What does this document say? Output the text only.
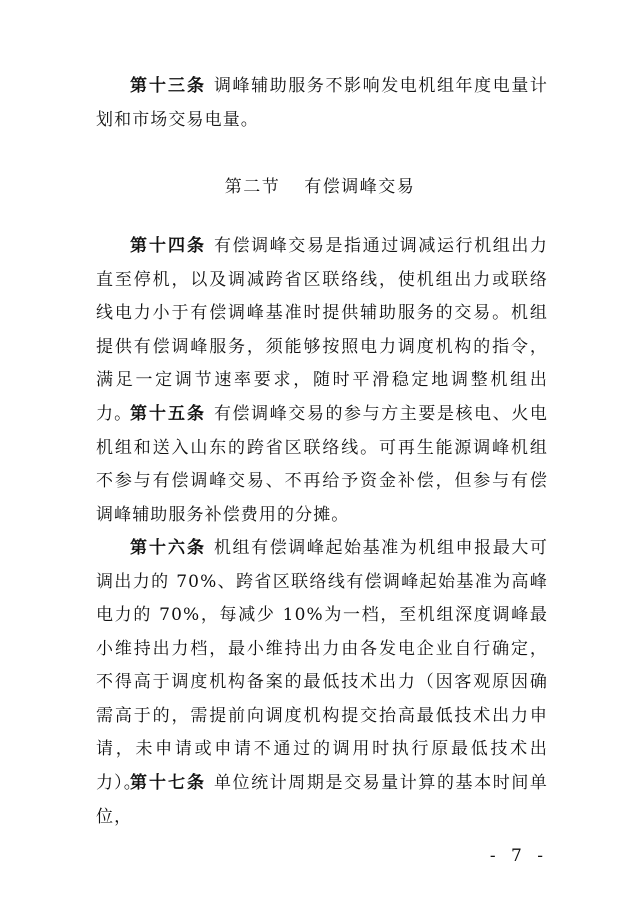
第十三条 调峰辅助服务不影响发电机组年度电量计划和市场交易电量。

第二节 有偿调峰交易

第十四条 有偿调峰交易是指通过调减运行机组出力直至停机，以及调减跨省区联络线，使机组出力或联络线电力小于有偿调峰基准时提供辅助服务的交易。机组提供有偿调峰服务，须能够按照电力调度机构的指令，满足一定调节速率要求，随时平滑稳定地调整机组出力。

第十五条 有偿调峰交易的参与方主要是核电、火电机组和送入山东的跨省区联络线。可再生能源调峰机组不参与有偿调峰交易、不再给予资金补偿，但参与有偿调峰辅助服务补偿费用的分摊。

第十六条 机组有偿调峰起始基准为机组申报最大可调出力的 70%、跨省区联络线有偿调峰起始基准为高峰电力的 70%，每减少 10%为一档，至机组深度调峰最小维持出力档，最小维持出力由各发电企业自行确定，不得高于调度机构备案的最低技术出力（因客观原因确需高于的，需提前向调度机构提交抬高最低技术出力申请，未申请或申请不通过的调用时执行原最低技术出力）。

第十七条 单位统计周期是交易量计算的基本时间单位，

- 7 -
